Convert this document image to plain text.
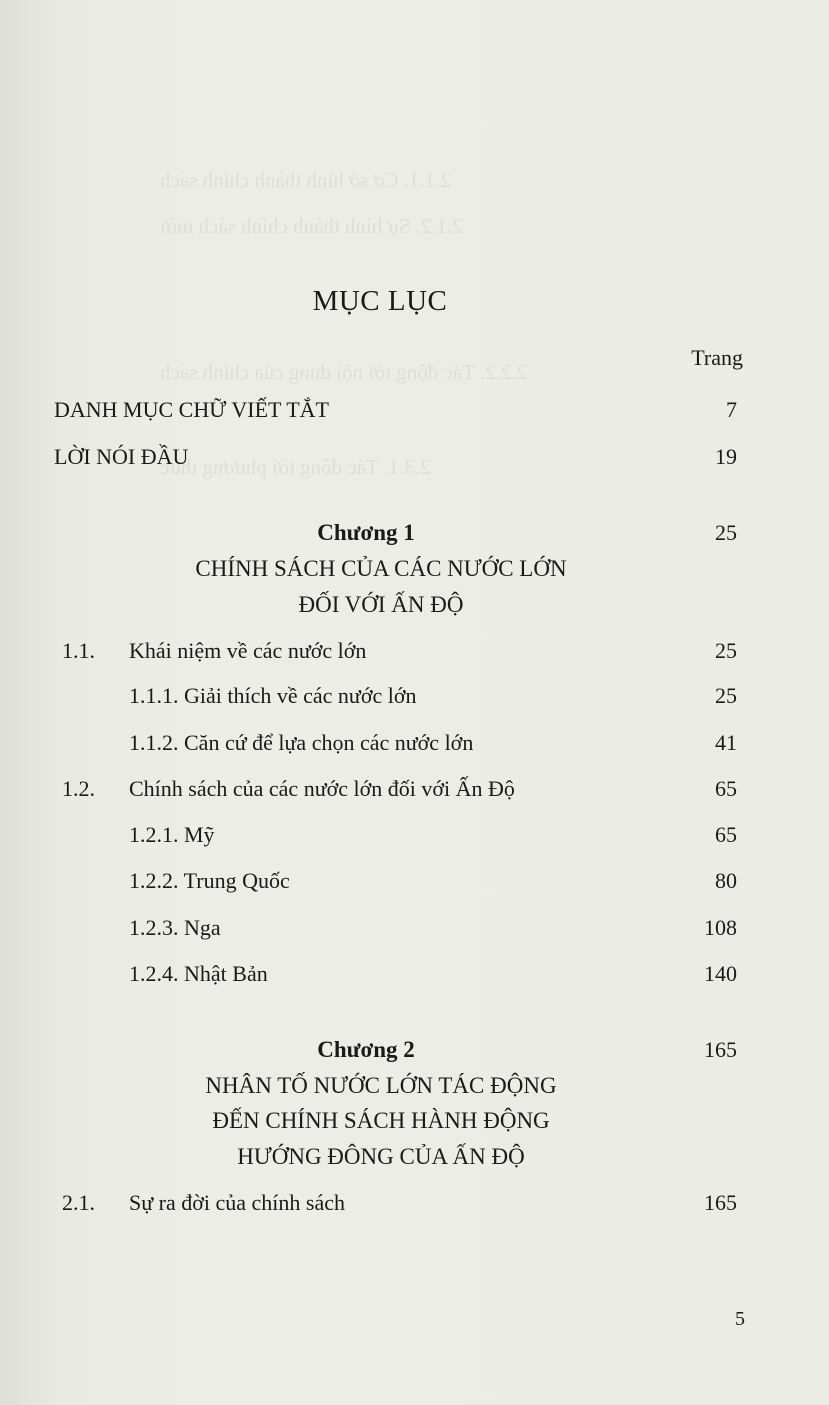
2.1.1. Cơ sở hình thành chính sách
2.1.2. Sự hình thành chính sách mới
2.2.2. Tác động tới nội dung của chính sách
2.3.1. Tác động tới phương thức
MỤC LỤC
Trang
DANH MỤC CHỮ VIẾT TẮT	7
LỜI NÓI ĐẦU	19
Chương 1	25
CHÍNH SÁCH CỦA CÁC NƯỚC LỚN
ĐỐI VỚI ẤN ĐỘ
1.1. Khái niệm về các nước lớn	25
1.1.1. Giải thích về các nước lớn	25
1.1.2. Căn cứ để lựa chọn các nước lớn	41
1.2. Chính sách của các nước lớn đối với Ấn Độ	65
1.2.1. Mỹ	65
1.2.2. Trung Quốc	80
1.2.3. Nga	108
1.2.4. Nhật Bản	140
Chương 2	165
NHÂN TỐ NƯỚC LỚN TÁC ĐỘNG
ĐẾN CHÍNH SÁCH HÀNH ĐỘNG
HƯỚNG ĐÔNG CỦA ẤN ĐỘ
2.1. Sự ra đời của chính sách	165
5
